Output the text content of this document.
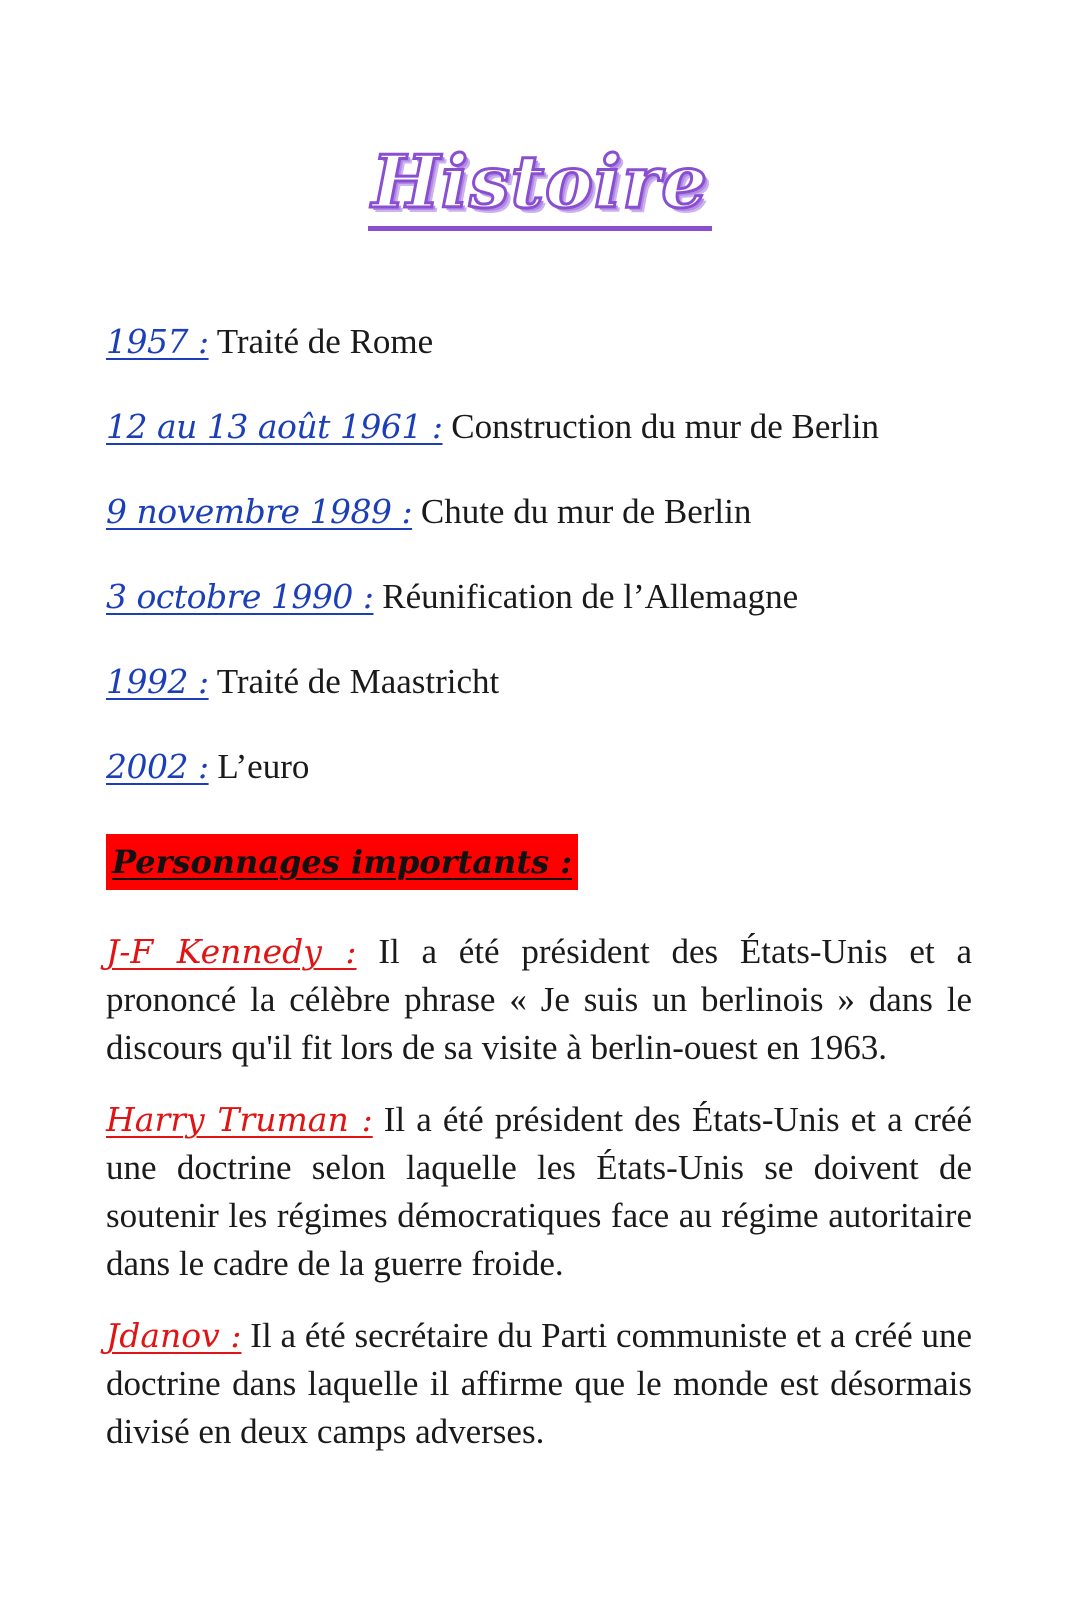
Histoire
1957 : Traité de Rome
12 au 13 août 1961 : Construction du mur de Berlin
9 novembre 1989 : Chute du mur de Berlin
3 octobre 1990 : Réunification de l’Allemagne
1992 : Traité de Maastricht
2002 : L’euro
Personnages importants :

J-F Kennedy : Il a été président des États-Unis et a prononcé la célèbre phrase « Je suis un berlinois » dans le discours qu'il fit lors de sa visite à berlin-ouest en 1963.

Harry Truman : Il a été président des États-Unis et a créé une doctrine selon laquelle les États-Unis se doivent de soutenir les régimes démocratiques face au régime autoritaire dans le cadre de la guerre froide.

Jdanov : Il a été secrétaire du Parti communiste et a créé une doctrine dans laquelle il affirme que le monde est désormais divisé en deux camps adverses.
